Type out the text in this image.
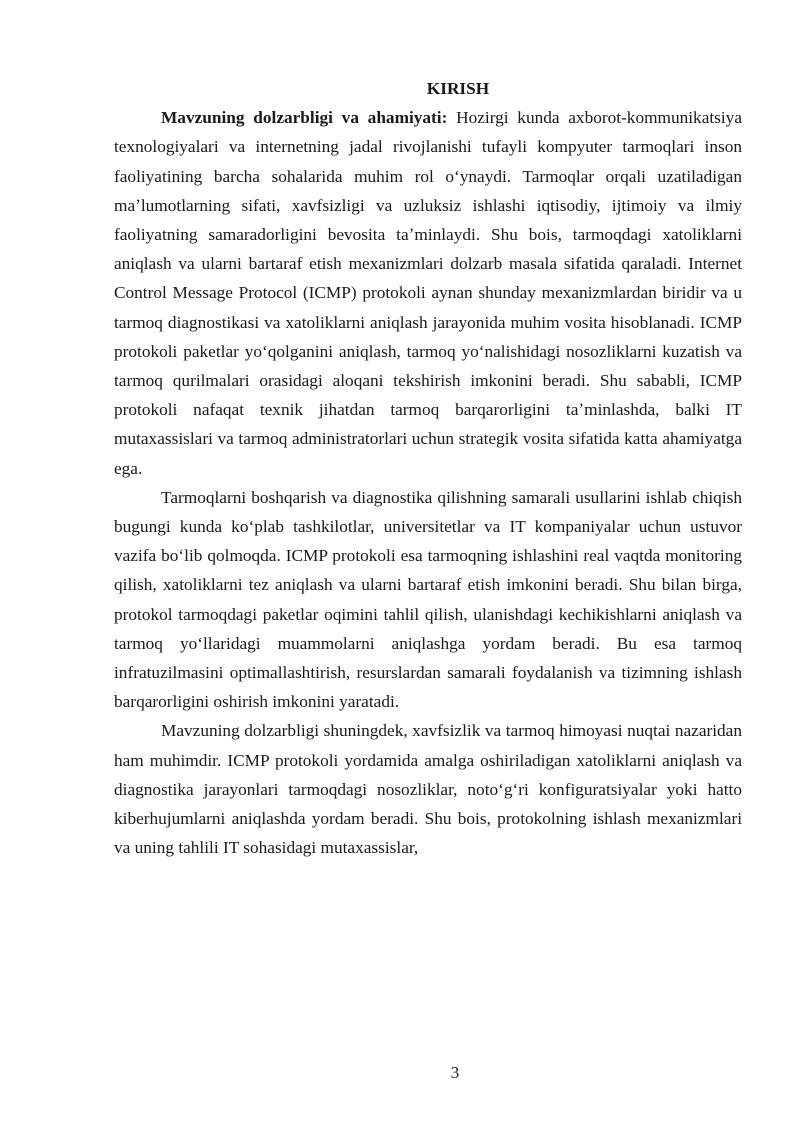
KIRISH

Mavzuning dolzarbligi va ahamiyati: Hozirgi kunda axborot-kommunikatsiya texnologiyalari va internetning jadal rivojlanishi tufayli kompyuter tarmoqlari inson faoliyatining barcha sohalarida muhim rol oʻynaydi. Tarmoqlar orqali uzatiladigan maʼlumotlarning sifati, xavfsizligi va uzluksiz ishlashi iqtisodiy, ijtimoiy va ilmiy faoliyatning samaradorligini bevosita taʼminlaydi. Shu bois, tarmoqdagi xatoliklarni aniqlash va ularni bartaraf etish mexanizmlari dolzarb masala sifatida qaraladi. Internet Control Message Protocol (ICMP) protokoli aynan shunday mexanizmlardan biridir va u tarmoq diagnostikasi va xatoliklarni aniqlash jarayonida muhim vosita hisoblanadi. ICMP protokoli paketlar yoʻqolganini aniqlash, tarmoq yoʻnalishidagi nosozliklarni kuzatish va tarmoq qurilmalari orasidagi aloqani tekshirish imkonini beradi. Shu sababli, ICMP protokoli nafaqat texnik jihatdan tarmoq barqarorligini taʼminlashda, balki IT mutaxassislari va tarmoq administratorlari uchun strategik vosita sifatida katta ahamiyatga ega.

Tarmoqlarni boshqarish va diagnostika qilishning samarali usullarini ishlab chiqish bugungi kunda koʻplab tashkilotlar, universitetlar va IT kompaniyalar uchun ustuvor vazifa boʻlib qolmoqda. ICMP protokoli esa tarmoqning ishlashini real vaqtda monitoring qilish, xatoliklarni tez aniqlash va ularni bartaraf etish imkonini beradi. Shu bilan birga, protokol tarmoqdagi paketlar oqimini tahlil qilish, ulanishdagi kechikishlarni aniqlash va tarmoq yoʻllaridagi muammolarni aniqlashga yordam beradi. Bu esa tarmoq infratuzilmasini optimallashtirish, resurslardan samarali foydalanish va tizimning ishlash barqarorligini oshirish imkonini yaratadi.

Mavzuning dolzarbligi shuningdek, xavfsizlik va tarmoq himoyasi nuqtai nazaridan ham muhimdir. ICMP protokoli yordamida amalga oshiriladigan xatoliklarni aniqlash va diagnostika jarayonlari tarmoqdagi nosozliklar, notoʻgʻri konfiguratsiyalar yoki hatto kiberhujumlarni aniqlashda yordam beradi. Shu bois, protokolning ishlash mexanizmlari va uning tahlili IT sohasidagi mutaxassislar,

3
